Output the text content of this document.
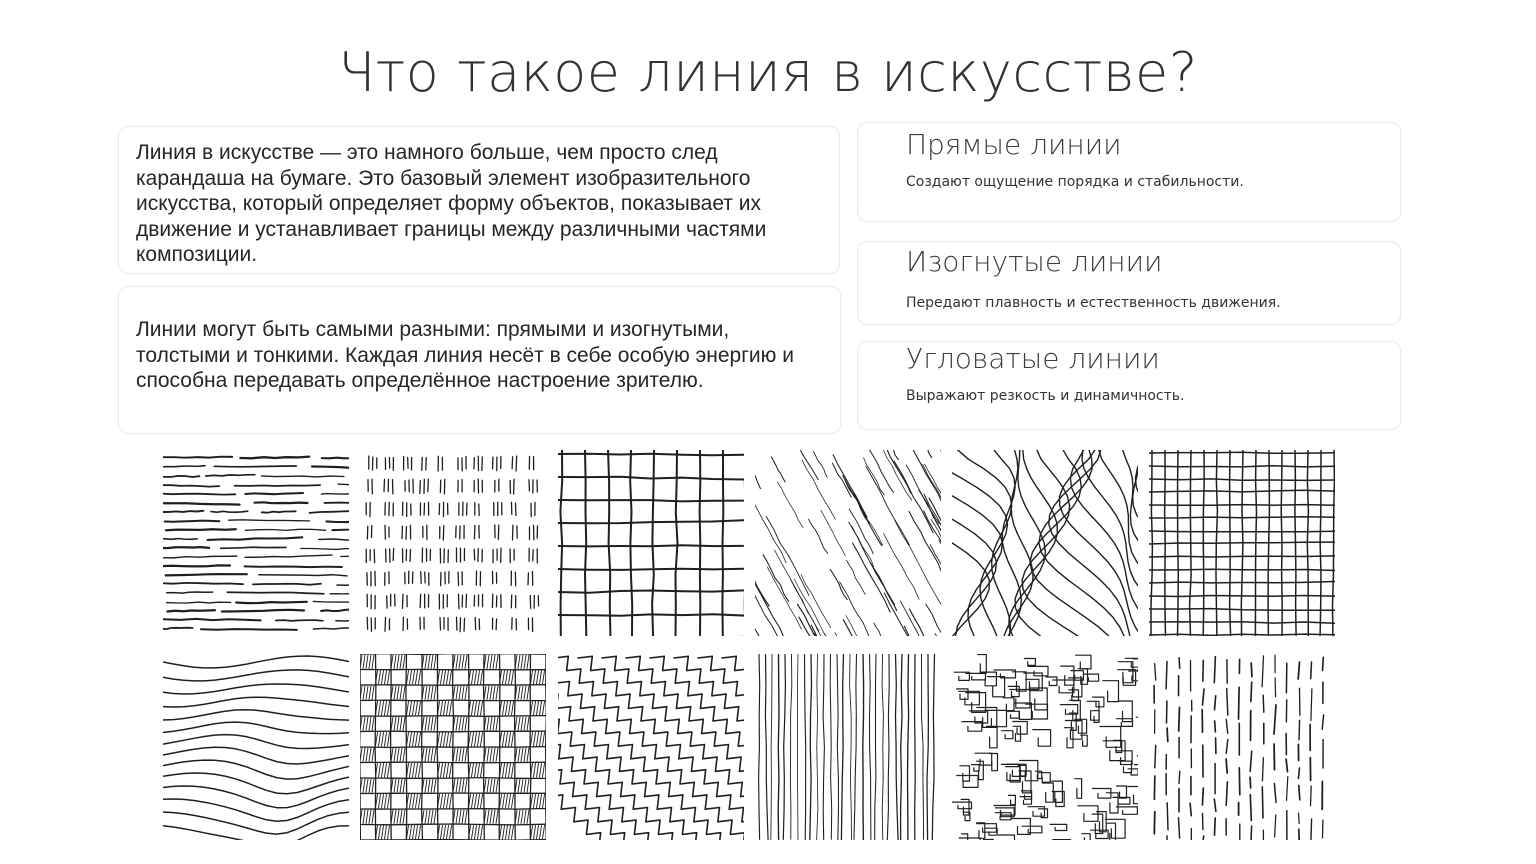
Что такое линия в искусстве?

Линия в искусстве — это намного больше, чем просто след карандаша на бумаге. Это базовый элемент изобразительного искусства, который определяет форму объектов, показывает их движение и устанавливает границы между различными частями композиции.

Линии могут быть самыми разными: прямыми и изогнутыми, толстыми и тонкими. Каждая линия несёт в себе особую энергию и способна передавать определённое настроение зрителю.

Прямые линии

Создают ощущение порядка и стабильности.

Изогнутые линии

Передают плавность и естественность движения.

Угловатые линии

Выражают резкость и динамичность.
